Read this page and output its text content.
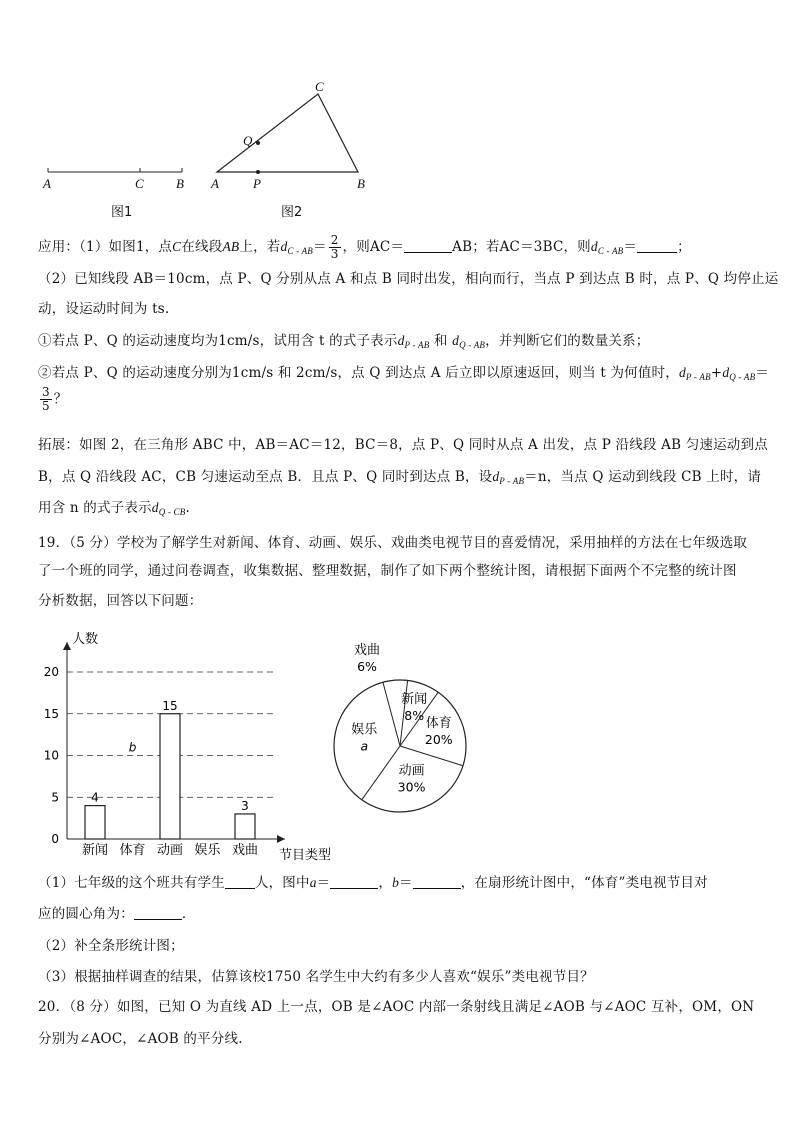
A	C B
图1
A	P	B
C
Q
图2
应用：（1）如图1，点C在线段AB上，若$d_{C - AB}= \frac{2}{3}$ ，则AC＝	AB；若AC＝3BC，则$d_{C - AB}=$	；
（2）已知线段 AB＝10cm，点 P、Q 分别从点 A 和点 B 同时出发，相向而行，当点 P 到达点 B 时，点 P、Q 均停止运
动，设运动时间为 ts.
①若点 P、Q 的运动速度均为1cm/s，试用含 t 的式子表示$d_{P - AB}$ 和 $d_{Q - AB}$，并判断它们的数量关系；
②若点 P、Q 的运动速度分别为1cm/s 和 2cm/s，点 Q 到达点 A 后立即以原速返回，则当 t 为何值时，$d_{P - AB}+d_{Q - AB}=$
$\frac{3}{5}$ ？
拓展：如图 2，在三角形 ABC 中，AB＝AC＝12，BC＝8，点 P、Q 同时从点 A 出发，点 P 沿线段 AB 匀速运动到点
B，点 Q 沿线段 AC，CB 匀速运动至点 B．且点 P、Q 同时到达点 B，设$d_{P - AB}=n$，当点 Q 运动到线段 CB 上时，请
用含 n 的式子表示$d_{Q - CB}$.
19．（5 分）学校为了解学生对新闻、体育、动画、娱乐、戏曲类电视节目的喜爱情况，采用抽样的方法在七年级选取
了一个班的同学，通过问卷调查，收集数据、整理数据，制作了如下两个整统计图，请根据下面两个不完整的统计图
分析数据，回答以下问题：
人数
节目类型
0
5
10
15
20
4
新闻
b
体育
15
动画 娱乐
3
戏曲
戏曲
6%
新闻
8%
体育
20%
动画
30%
娱乐
a
（1）七年级的这个班共有学生 人，图中a＝	，b＝	，在扇形统计图中，“体育”类电视节目对
应的圆心角为：	．
（2）补全条形统计图；
（3）根据抽样调查的结果，估算该校1750 名学生中大约有多少人喜欢“娱乐”类电视节目？
20．（8 分）如图，已知 O 为直线 AD 上一点，OB 是∠AOC 内部一条射线且满足∠AOB 与∠AOC 互补，OM，ON
分别为∠AOC，∠AOB 的平分线.
